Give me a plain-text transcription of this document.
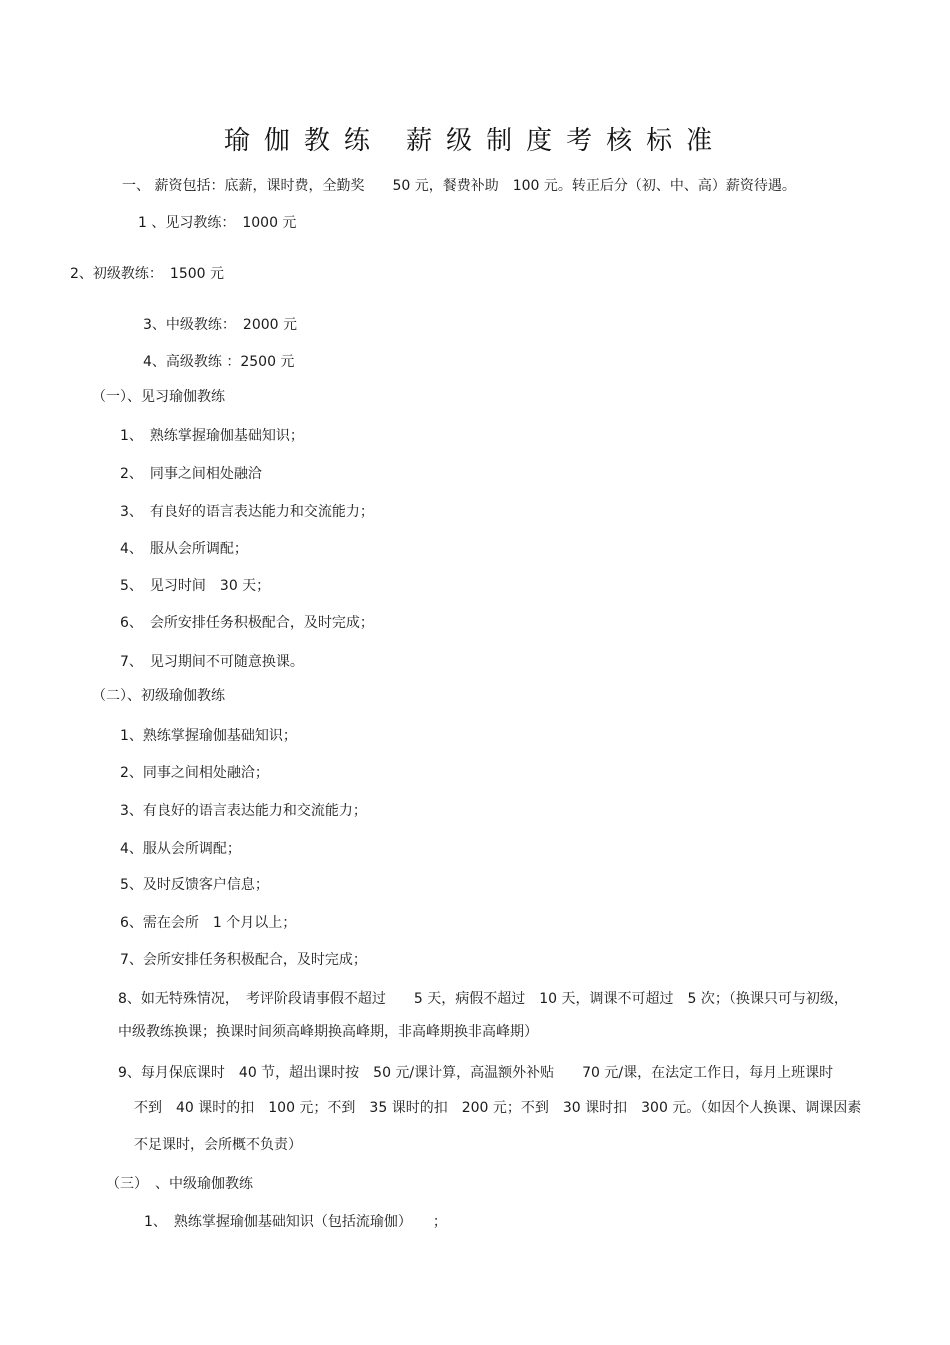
瑜伽教练 薪级制度考核标准
一、 薪资包括：底薪，课时费，全勤奖　　50 元，餐费补助　100 元。转正后分（初、中、高）薪资待遇。
1 、见习教练：　1000 元
2、初级教练：　1500 元
3、中级教练：　2000 元
4、高级教练 ：2500 元
（一）、见习瑜伽教练
1、　熟练掌握瑜伽基础知识；
2、　同事之间相处融洽
3、　有良好的语言表达能力和交流能力；
4、　服从会所调配；
5、　见习时间　30 天；
6、　会所安排任务积极配合，及时完成；
7、　见习期间不可随意换课。
（二）、初级瑜伽教练
1、熟练掌握瑜伽基础知识；
2、同事之间相处融洽；
3、有良好的语言表达能力和交流能力；
4、服从会所调配；
5、及时反馈客户信息；
6、需在会所　1 个月以上；
7、会所安排任务积极配合，及时完成；
8、如无特殊情况，　考评阶段请事假不超过　　5 天，病假不超过　10 天，调课不可超过　5 次；（换课只可与初级，
中级教练换课；换课时间须高峰期换高峰期，非高峰期换非高峰期）
9、每月保底课时　40 节，超出课时按　50 元/课计算，高温额外补贴　　70 元/课，在法定工作日，每月上班课时
不到　40 课时的扣　100 元；不到　35 课时的扣　200 元；不到　30 课时扣　300 元。（如因个人换课、调课因素
不足课时，会所概不负责）
（三）　、中级瑜伽教练
1、　熟练掌握瑜伽基础知识（包括流瑜伽）　　；
